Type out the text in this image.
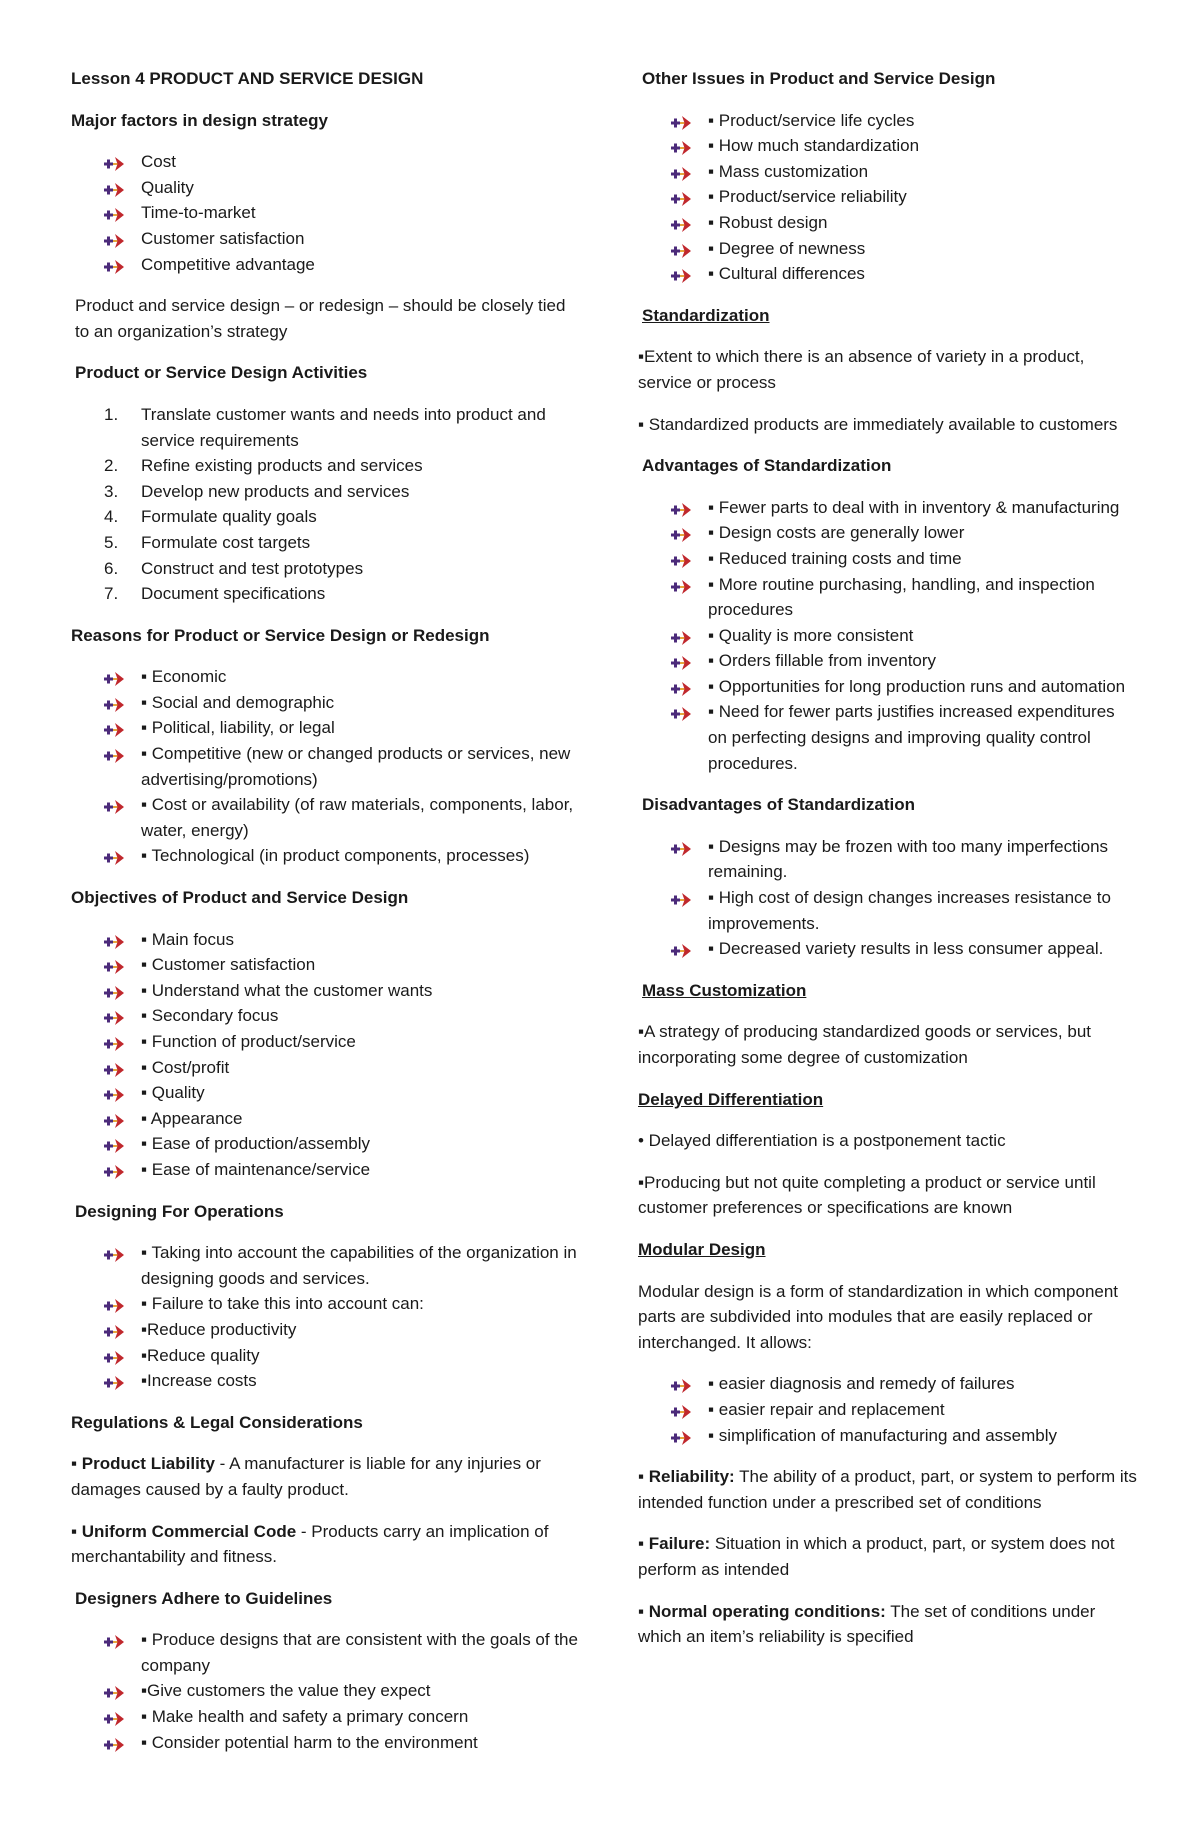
Lesson 4 PRODUCT AND SERVICE DESIGN
Major factors in design strategy
Cost
Quality
Time-to-market
Customer satisfaction
Competitive advantage
Product and service design – or redesign – should be closely tied to an organization’s strategy
Product or Service Design Activities
1. Translate customer wants and needs into product and service requirements
2. Refine existing products and services
3. Develop new products and services
4. Formulate quality goals
5. Formulate cost targets
6. Construct and test prototypes
7. Document specifications
Reasons for Product or Service Design or Redesign
▪ Economic
▪ Social and demographic
▪ Political, liability, or legal
▪ Competitive (new or changed products or services, new advertising/promotions)
▪ Cost or availability (of raw materials, components, labor, water, energy)
▪ Technological (in product components, processes)
Objectives of Product and Service Design
▪ Main focus
▪ Customer satisfaction
▪ Understand what the customer wants
▪ Secondary focus
▪ Function of product/service
▪ Cost/profit
▪ Quality
▪ Appearance
▪ Ease of production/assembly
▪ Ease of maintenance/service
Designing For Operations
▪ Taking into account the capabilities of the organization in designing goods and services.
▪ Failure to take this into account can:
▪Reduce productivity
▪Reduce quality
▪Increase costs
Regulations & Legal Considerations
▪ Product Liability - A manufacturer is liable for any injuries or damages caused by a faulty product.
▪ Uniform Commercial Code - Products carry an implication of merchantability and fitness.
Designers Adhere to Guidelines
▪ Produce designs that are consistent with the goals of the company
▪Give customers the value they expect
▪ Make health and safety a primary concern
▪ Consider potential harm to the environment
Other Issues in Product and Service Design
▪ Product/service life cycles
▪ How much standardization
▪ Mass customization
▪ Product/service reliability
▪ Robust design
▪ Degree of newness
▪ Cultural differences
Standardization
▪Extent to which there is an absence of variety in a product, service or process
▪ Standardized products are immediately available to customers
Advantages of Standardization
▪ Fewer parts to deal with in inventory & manufacturing
▪ Design costs are generally lower
▪ Reduced training costs and time
▪ More routine purchasing, handling, and inspection procedures
▪ Quality is more consistent
▪ Orders fillable from inventory
▪ Opportunities for long production runs and automation
▪ Need for fewer parts justifies increased expenditures on perfecting designs and improving quality control procedures.
Disadvantages of Standardization
▪ Designs may be frozen with too many imperfections remaining.
▪ High cost of design changes increases resistance to improvements.
▪ Decreased variety results in less consumer appeal.
Mass Customization
▪A strategy of producing standardized goods or services, but incorporating some degree of customization
Delayed Differentiation
• Delayed differentiation is a postponement tactic
▪Producing but not quite completing a product or service until customer preferences or specifications are known
Modular Design
Modular design is a form of standardization in which component parts are subdivided into modules that are easily replaced or interchanged. It allows:
▪ easier diagnosis and remedy of failures
▪ easier repair and replacement
▪ simplification of manufacturing and assembly
▪ Reliability: The ability of a product, part, or system to perform its intended function under a prescribed set of conditions
▪ Failure: Situation in which a product, part, or system does not perform as intended
▪ Normal operating conditions: The set of conditions under which an item’s reliability is specified
